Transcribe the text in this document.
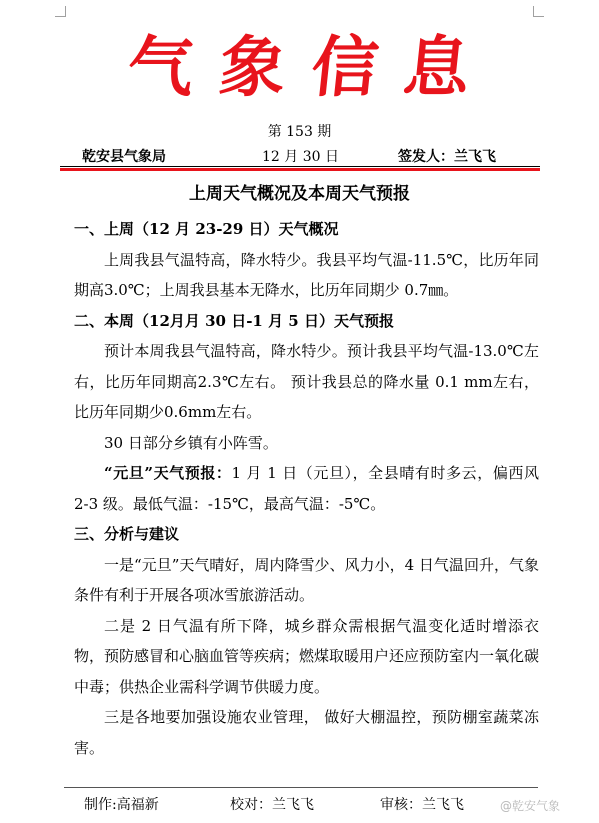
气象信息
第 153 期
乾安县气象局	12 月 30 日	签发人：兰飞飞
上周天气概况及本周天气预报

一、上周（12 月 23-29 日）天气概况

上周我县气温特高，降水特少。我县平均气温-11.5℃，比历年同期高3.0℃；上周我县基本无降水，比历年同期少 0.7㎜。

二、本周（12月月 30 日-1 月 5 日）天气预报

预计本周我县气温特高，降水特少。预计我县平均气温-13.0℃左右，比历年同期高2.3℃左右。 预计我县总的降水量 0.1 mm左右，比历年同期少0.6mm左右。

30 日部分乡镇有小阵雪。

“元旦”天气预报：1 月 1 日（元旦），全县晴有时多云，偏西风 2-3 级。最低气温：-15℃，最高气温：-5℃。

三、分析与建议

一是“元旦”天气晴好，周内降雪少、风力小，4 日气温回升，气象条件有利于开展各项冰雪旅游活动。

二是 2 日气温有所下降，城乡群众需根据气温变化适时增添衣物，预防感冒和心脑血管等疾病；燃煤取暖用户还应预防室内一氧化碳中毒；供热企业需科学调节供暖力度。

三是各地要加强设施农业管理， 做好大棚温控，预防棚室蔬菜冻害。

制作:高福新	校对：兰飞飞	审核：兰飞飞	@乾安气象
